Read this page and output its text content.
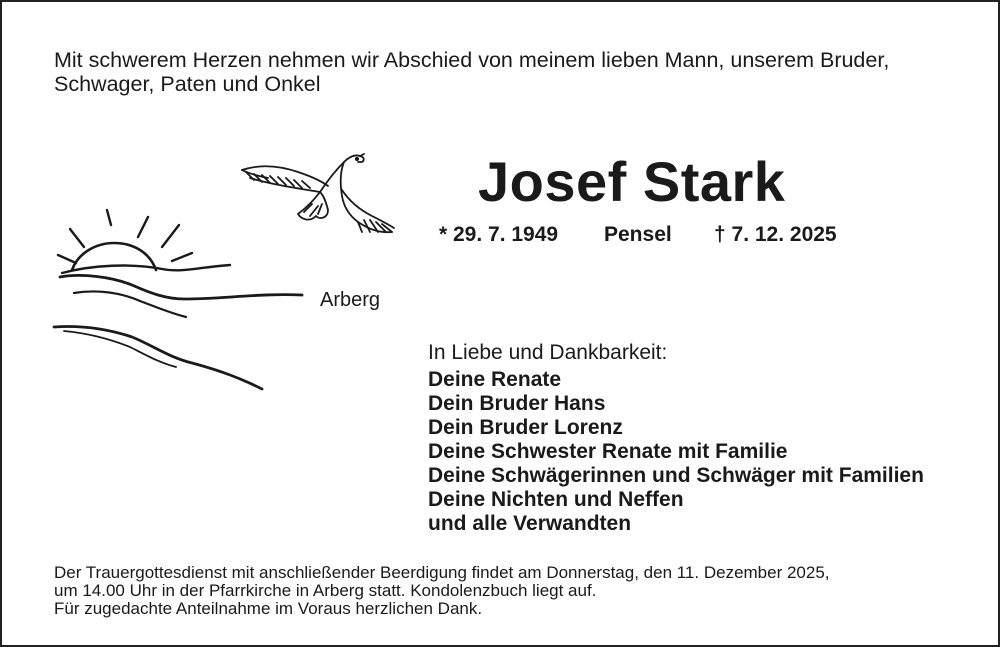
Mit schwerem Herzen nehmen wir Abschied von meinem lieben Mann, unserem Bruder,
Schwager, Paten und Onkel

Arberg
Josef Stark
* 29. 7. 1949 Pensel † 7. 12. 2025
In Liebe und Dankbarkeit:
Deine Renate
Dein Bruder Hans
Dein Bruder Lorenz
Deine Schwester Renate mit Familie
Deine Schwägerinnen und Schwäger mit Familien
Deine Nichten und Neffen
und alle Verwandten

Der Trauergottesdienst mit anschließender Beerdigung findet am Donnerstag, den 11. Dezember 2025,
um 14.00 Uhr in der Pfarrkirche in Arberg statt. Kondolenzbuch liegt auf.
Für zugedachte Anteilnahme im Voraus herzlichen Dank.
